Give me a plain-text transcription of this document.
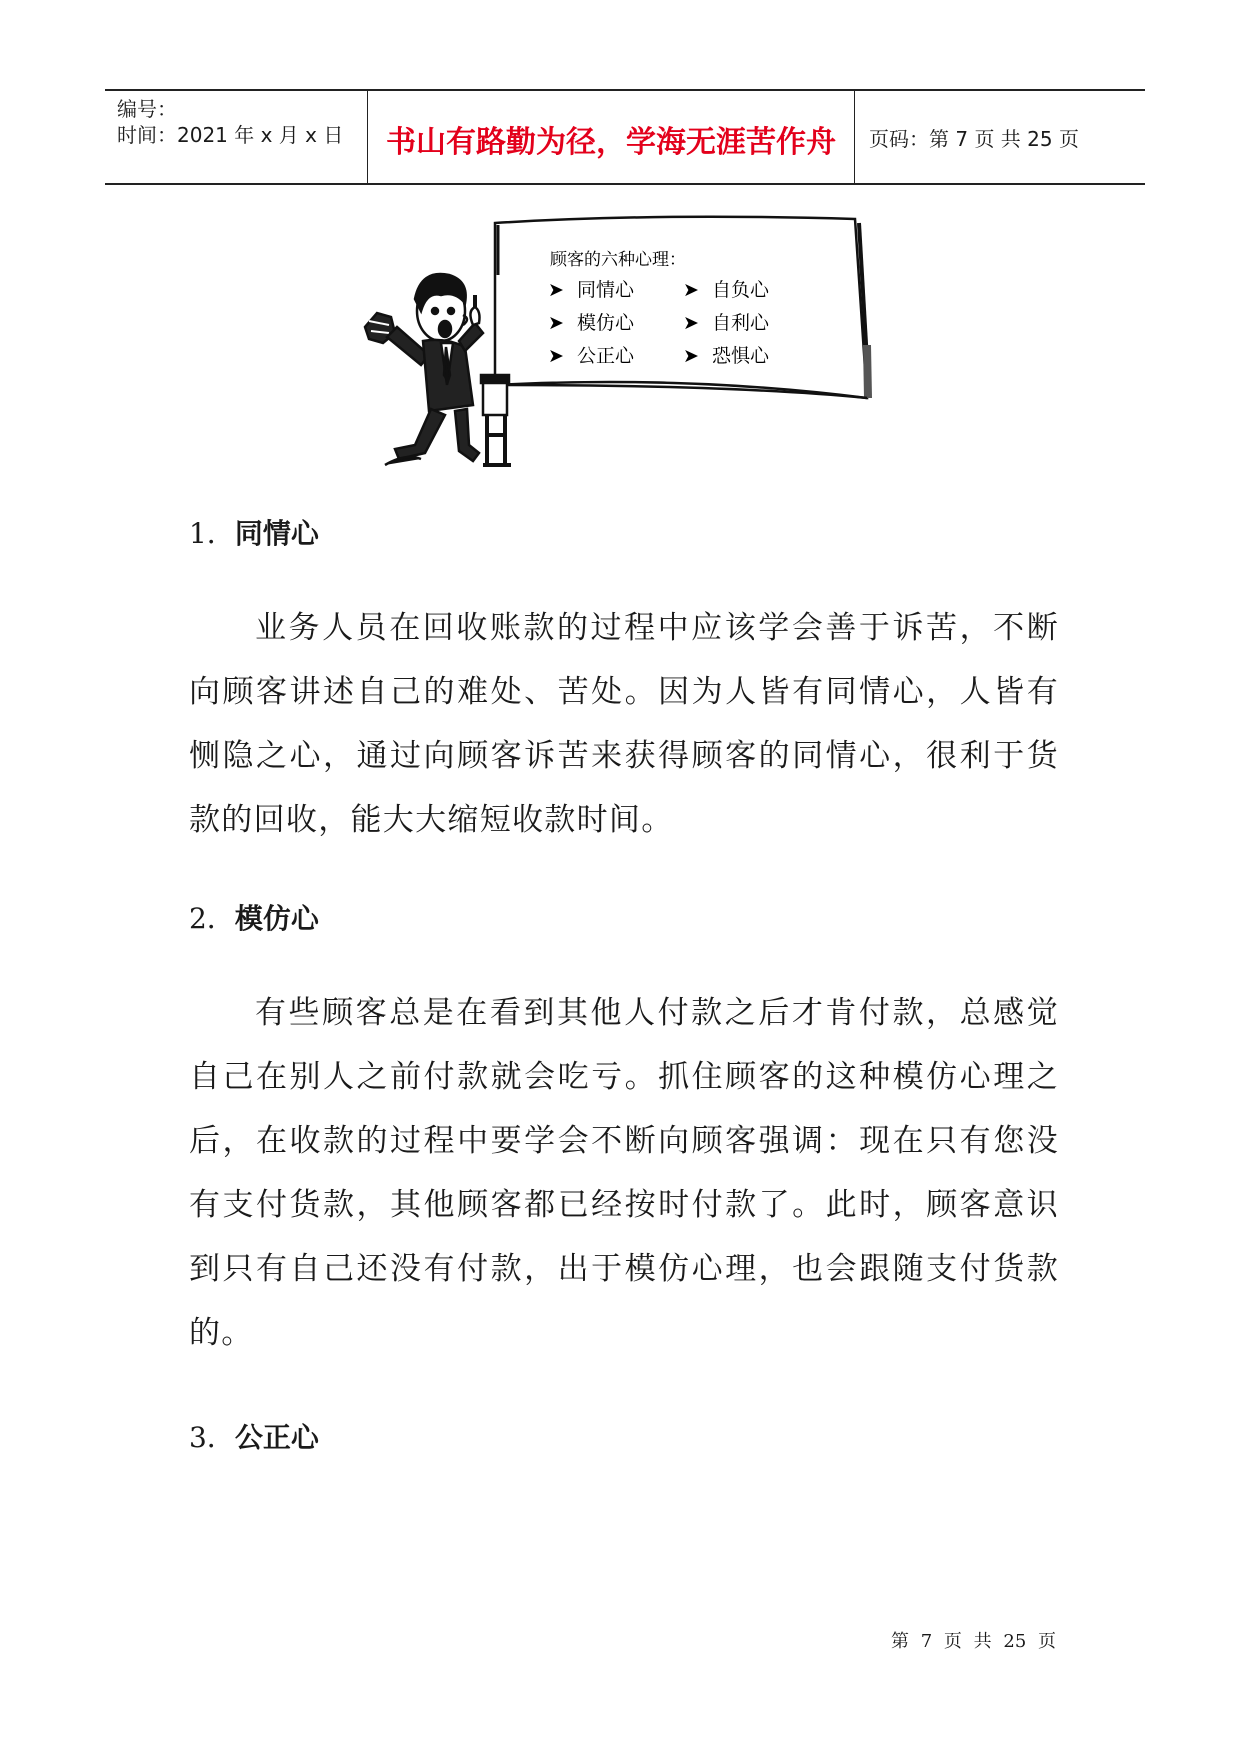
编号：
时间：2021 年 x 月 x 日	书山有路勤为径，学海无涯苦作舟	页码：第 7 页 共 25 页
顾客的六种心理：
➤ 同情心	➤ 自负心
➤ 模仿心	➤ 自利心
➤ 公正心	➤ 恐惧心
1．同情心
业务人员在回收账款的过程中应该学会善于诉苦，不断向顾客讲述自己的难处、苦处。因为人皆有同情心，人皆有恻隐之心，通过向顾客诉苦来获得顾客的同情心，很利于货款的回收，能大大缩短收款时间。
2．模仿心
有些顾客总是在看到其他人付款之后才肯付款，总感觉自己在别人之前付款就会吃亏。抓住顾客的这种模仿心理之后，在收款的过程中要学会不断向顾客强调：现在只有您没有支付货款，其他顾客都已经按时付款了。此时，顾客意识到只有自己还没有付款，出于模仿心理，也会跟随支付货款的。
3．公正心
第 7 页 共 25 页
